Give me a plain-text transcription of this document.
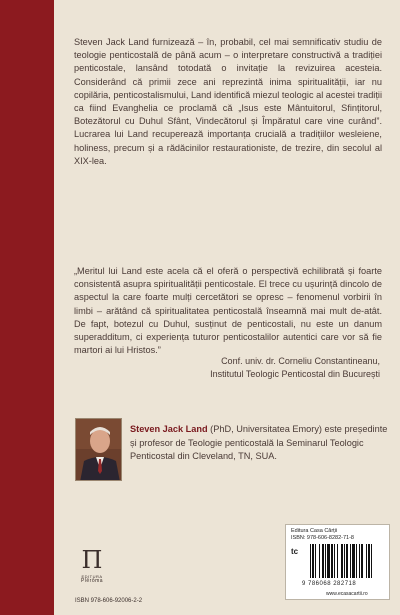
Steven Jack Land furnizează – în, probabil, cel mai semnificativ studiu de teologie penticostală de până acum – o interpretare constructivă a tradiției penticostale, lansând totodată o invitație la revizuirea acesteia. Considerând că primii zece ani reprezintă inima spiritualității, iar nu copilăria, penticostalismului, Land identifică miezul teologic al acestei tradiții ca fiind Evanghelia ce proclamă că „Isus este Mântuitorul, Sfințitorul, Botezătorul cu Duhul Sfânt, Vindecătorul și Împăratul care vine curând”. Lucrarea lui Land recuperează importanța crucială a tradițiilor wesleiene, holiness, precum și a rădăcinilor restaurationiste, de trezire, din secolul al XIX-lea.

„Meritul lui Land este acela că el oferă o perspectivă echilibrată și foarte consistentă asupra spiritualității penticostale. El trece cu ușurință dincolo de aspectul la care foarte mulți cercetători se opresc – fenomenul vorbirii în limbi – arătând că spiritualitatea penticostală înseamnă mai mult de-atât. De fapt, botezul cu Duhul, susținut de penticostali, nu este un danum superadditum, ci experiența tuturor penticostalilor autentici care vor să fie martori ai lui Hristos.”

Conf. univ. dr. Corneliu Constantineanu,
Institutul Teologic Penticostal din București

Steven Jack Land (PhD, Universitatea Emory) este președinte și profesor de Teologie penticostală la Seminarul Teologic Penticostal din Cleveland, TN, SUA.

Π
EDITURA
Plērōma
ISBN 978-606-92006-2-2
Editura Casa Cărții
ISBN: 978-606-8282-71-8
tc
9 786068 282718
www.ecasacartii.ro
